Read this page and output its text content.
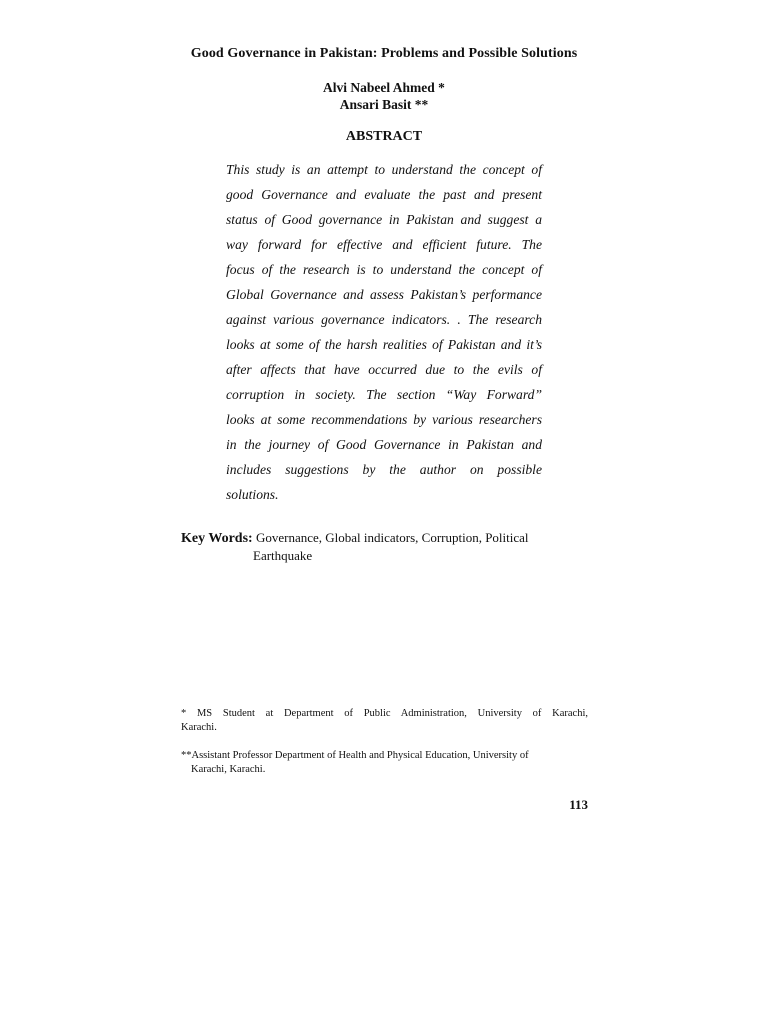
Good Governance in Pakistan: Problems and Possible Solutions
Alvi Nabeel Ahmed *
Ansari Basit **
ABSTRACT
This study is an attempt to understand the concept of
good Governance and evaluate the past and present
status of Good governance in Pakistan and suggest a
way forward for effective and efficient future. The
focus of the research is to understand the concept of
Global Governance and assess Pakistan’s performance
against various governance indicators. . The research
looks at some of the harsh realities of Pakistan and it’s
after affects that have occurred due to the evils of
corruption in society. The section “Way Forward”
looks at some recommendations by various researchers
in the journey of Good Governance in Pakistan and
includes suggestions by the author on possible
solutions.
Key Words: Governance, Global indicators, Corruption, Political
Earthquake
* MS Student at Department of Public Administration, University of Karachi,
Karachi.
**Assistant Professor Department of Health and Physical Education, University of
Karachi, Karachi.
113
